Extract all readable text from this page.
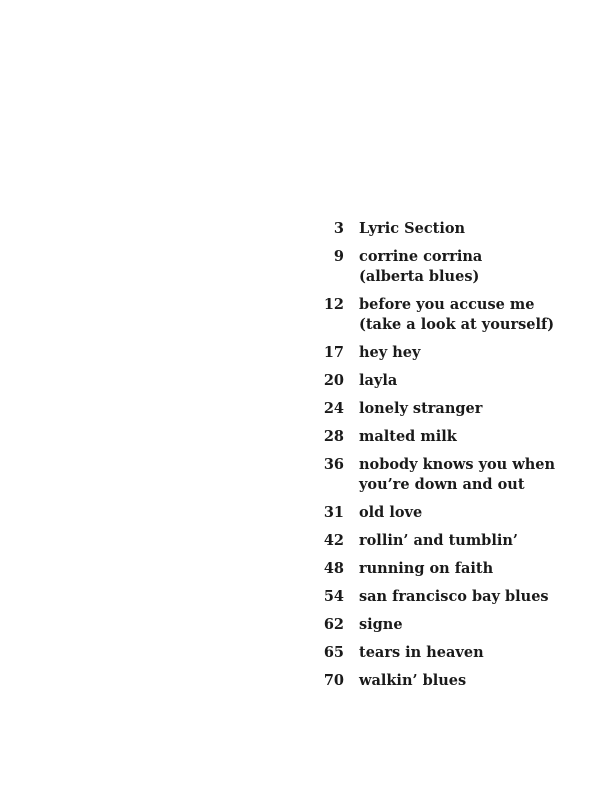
3 Lyric Section
9 corrine corrina
(alberta blues)
12 before you accuse me
(take a look at yourself)
17 hey hey
20 layla
24 lonely stranger
28 malted milk
36 nobody knows you when
you’re down and out
31 old love
42 rollin’ and tumblin’
48 running on faith
54 san francisco bay blues
62 signe
65 tears in heaven
70 walkin’ blues
